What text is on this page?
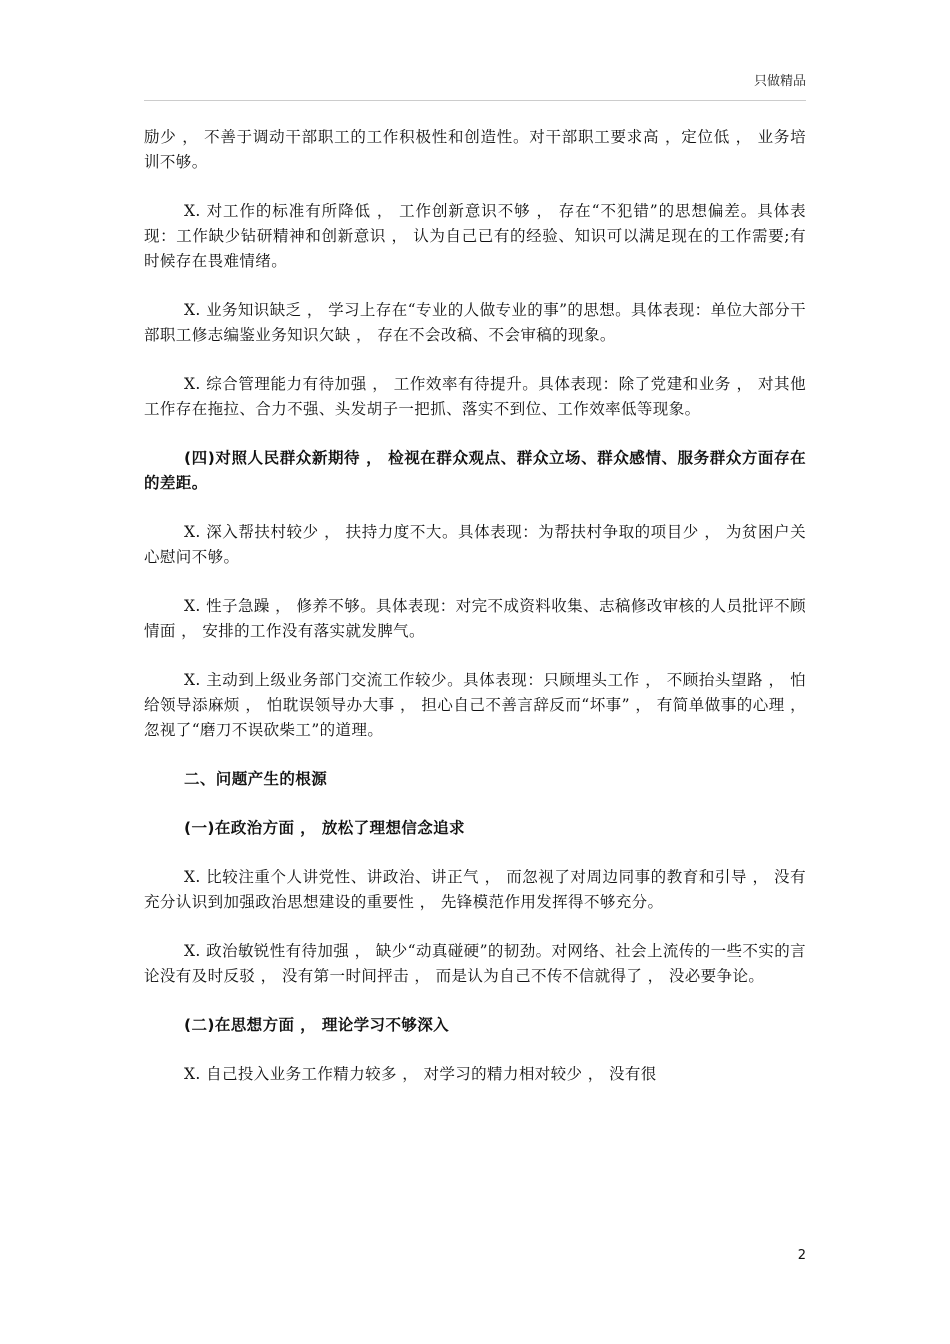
只做精品

励少 ， 不善于调动干部职工的工作积极性和创造性。对干部职工要求高 ，定位低 ， 业务培训不够。

X. 对工作的标准有所降低 ， 工作创新意识不够 ， 存在“不犯错”的思想偏差。具体表现：工作缺少钻研精神和创新意识 ， 认为自己已有的经验、知识可以满足现在的工作需要;有时候存在畏难情绪。

X. 业务知识缺乏 ， 学习上存在“专业的人做专业的事”的思想。具体表现：单位大部分干部职工修志编鉴业务知识欠缺 ， 存在不会改稿、不会审稿的现象。

X. 综合管理能力有待加强 ， 工作效率有待提升。具体表现：除了党建和业务 ， 对其他工作存在拖拉、合力不强、头发胡子一把抓、落实不到位、工作效率低等现象。

(四)对照人民群众新期待 ， 检视在群众观点、群众立场、群众感情、服务群众方面存在的差距。

X. 深入帮扶村较少 ， 扶持力度不大。具体表现：为帮扶村争取的项目少 ， 为贫困户关心慰问不够。

X. 性子急躁 ， 修养不够。具体表现：对完不成资料收集、志稿修改审核的人员批评不顾情面 ， 安排的工作没有落实就发脾气。

X. 主动到上级业务部门交流工作较少。具体表现：只顾埋头工作 ， 不顾抬头望路 ， 怕给领导添麻烦 ， 怕耽误领导办大事 ， 担心自己不善言辞反而“坏事” ， 有简单做事的心理 ， 忽视了“磨刀不误砍柴工”的道理。

二、问题产生的根源

(一)在政治方面 ， 放松了理想信念追求

X. 比较注重个人讲党性、讲政治、讲正气 ， 而忽视了对周边同事的教育和引导 ， 没有充分认识到加强政治思想建设的重要性 ， 先锋模范作用发挥得不够充分。

X. 政治敏锐性有待加强 ， 缺少“动真碰硬”的韧劲。对网络、社会上流传的一些不实的言论没有及时反驳 ， 没有第一时间抨击 ， 而是认为自己不传不信就得了 ， 没必要争论。

(二)在思想方面 ， 理论学习不够深入

X. 自己投入业务工作精力较多 ， 对学习的精力相对较少 ， 没有很

2
